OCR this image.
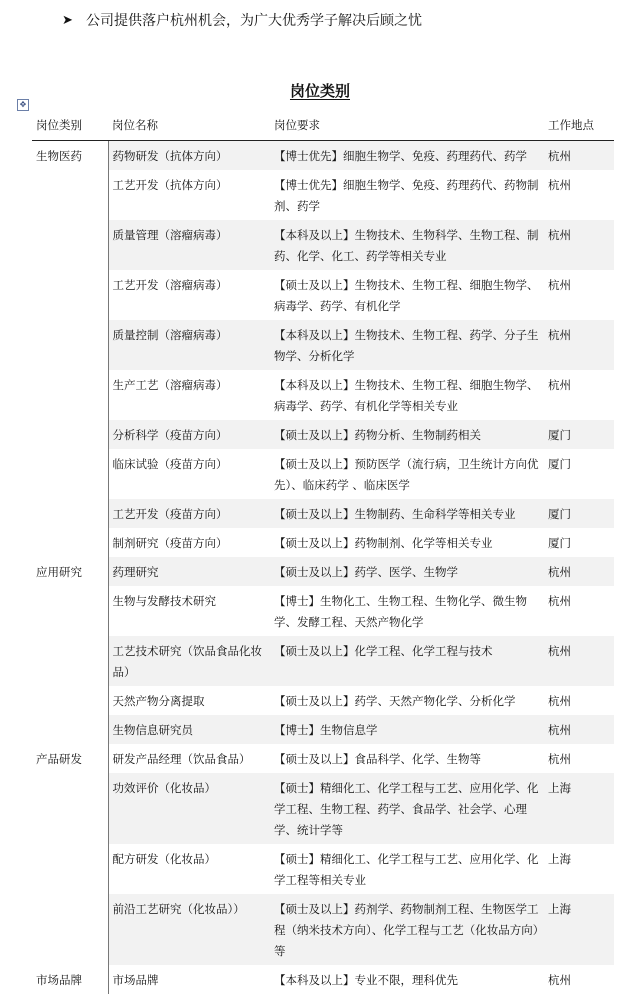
➤ 公司提供落户杭州机会，为广大优秀学子解决后顾之忧
岗位类别
✥
岗位类别	岗位名称	岗位要求	工作地点
生物医药	药物研发（抗体方向）	【博士优先】细胞生物学、免疫、药理药代、药学	杭州
	工艺开发（抗体方向）	【博士优先】细胞生物学、免疫、药理药代、药物制剂、药学	杭州
	质量管理（溶瘤病毒）	【本科及以上】生物技术、生物科学、生物工程、制药、化学、化工、药学等相关专业	杭州
	工艺开发（溶瘤病毒）	【硕士及以上】生物技术、生物工程、细胞生物学、病毒学、药学、有机化学	杭州
	质量控制（溶瘤病毒）	【本科及以上】生物技术、生物工程、药学、分子生物学、分析化学	杭州
	生产工艺（溶瘤病毒）	【本科及以上】生物技术、生物工程、细胞生物学、病毒学、药学、有机化学等相关专业	杭州
	分析科学（疫苗方向）	【硕士及以上】药物分析、生物制药相关	厦门
	临床试验（疫苗方向）	【硕士及以上】预防医学（流行病，卫生统计方向优先）、临床药学 、临床医学	厦门
	工艺开发（疫苗方向）	【硕士及以上】生物制药、生命科学等相关专业	厦门
	制剂研究（疫苗方向）	【硕士及以上】药物制剂、化学等相关专业	厦门
应用研究	药理研究	【硕士及以上】药学、医学、生物学	杭州
	生物与发酵技术研究	【博士】生物化工、生物工程、生物化学、微生物学、发酵工程、天然产物化学	杭州
	工艺技术研究（饮品食品化妆品）	【硕士及以上】化学工程、化学工程与技术	杭州
	天然产物分离提取	【硕士及以上】药学、天然产物化学、分析化学	杭州
	生物信息研究员	【博士】生物信息学	杭州
产品研发	研发产品经理（饮品食品）	【硕士及以上】食品科学、化学、生物等	杭州
	功效评价（化妆品）	【硕士】精细化工、化学工程与工艺、应用化学、化学工程、生物工程、药学、食品学、社会学、心理学、统计学等	上海
	配方研发（化妆品）	【硕士】精细化工、化学工程与工艺、应用化学、化学工程等相关专业	上海
	前沿工艺研究（化妆品））	【硕士及以上】药剂学、药物制剂工程、生物医学工程（纳米技术方向）、化学工程与工艺（化妆品方向）等	上海
市场品牌	市场品牌	【本科及以上】专业不限，理科优先	杭州
